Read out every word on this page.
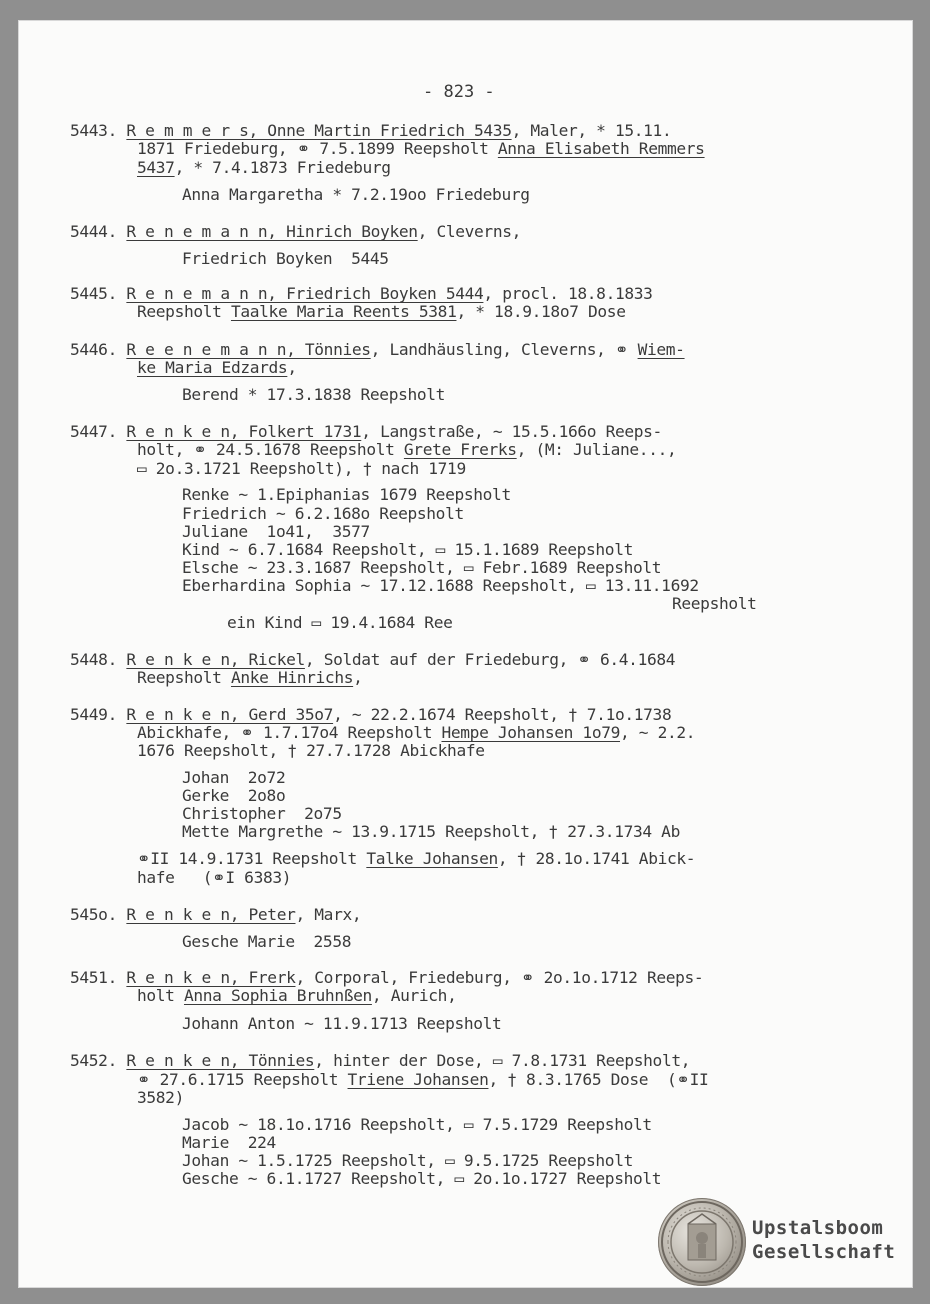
- 823 -
5443. R e m m e r s, Onne Martin Friedrich 5435, Maler, * 15.11.
1871 Friedeburg, ⚭ 7.5.1899 Reepsholt Anna Elisabeth Remmers
5437, * 7.4.1873 Friedeburg
Anna Margaretha * 7.2.19oo Friedeburg
5444. R e n e m a n n, Hinrich Boyken, Cleverns,
Friedrich Boyken  5445
5445. R e n e m a n n, Friedrich Boyken 5444, procl. 18.8.1833
Reepsholt Taalke Maria Reents 5381, * 18.9.18o7 Dose
5446. R e e n e m a n n, Tönnies, Landhäusling, Cleverns, ⚭ Wiem-
ke Maria Edzards,
Berend * 17.3.1838 Reepsholt
5447. R e n k e n, Folkert 1731, Langstraße, ~ 15.5.166o Reeps-
holt, ⚭ 24.5.1678 Reepsholt Grete Frerks, (M: Juliane...,
▭ 2o.3.1721 Reepsholt), † nach 1719
Renke ~ 1.Epiphanias 1679 Reepsholt
Friedrich ~ 6.2.168o Reepsholt
Juliane  1o41,  3577
Kind ~ 6.7.1684 Reepsholt, ▭ 15.1.1689 Reepsholt
Elsche ~ 23.3.1687 Reepsholt, ▭ Febr.1689 Reepsholt
Eberhardina Sophia ~ 17.12.1688 Reepsholt, ▭ 13.11.1692
Reepsholt
ein Kind ▭ 19.4.1684 Ree
5448. R e n k e n, Rickel, Soldat auf der Friedeburg, ⚭ 6.4.1684
Reepsholt Anke Hinrichs,
5449. R e n k e n, Gerd 35o7, ~ 22.2.1674 Reepsholt, † 7.1o.1738
Abickhafe, ⚭ 1.7.17o4 Reepsholt Hempe Johansen 1o79, ~ 2.2.
1676 Reepsholt, † 27.7.1728 Abickhafe
Johan  2o72
Gerke  2o8o
Christopher  2o75
Mette Margrethe ~ 13.9.1715 Reepsholt, † 27.3.1734 Ab
⚭II 14.9.1731 Reepsholt Talke Johansen, † 28.1o.1741 Abick-
hafe   (⚭I 6383)
545o. R e n k e n, Peter, Marx,
Gesche Marie  2558
5451. R e n k e n, Frerk, Corporal, Friedeburg, ⚭ 2o.1o.1712 Reeps-
holt Anna Sophia Bruhnßen, Aurich,
Johann Anton ~ 11.9.1713 Reepsholt
5452. R e n k e n, Tönnies, hinter der Dose, ▭ 7.8.1731 Reepsholt,
⚭ 27.6.1715 Reepsholt Triene Johansen, † 8.3.1765 Dose  (⚭II
3582)
Jacob ~ 18.1o.1716 Reepsholt, ▭ 7.5.1729 Reepsholt
Marie  224
Johan ~ 1.5.1725 Reepsholt, ▭ 9.5.1725 Reepsholt
Gesche ~ 6.1.1727 Reepsholt, ▭ 2o.1o.1727 Reepsholt
Upstalsboom
Gesellschaft
